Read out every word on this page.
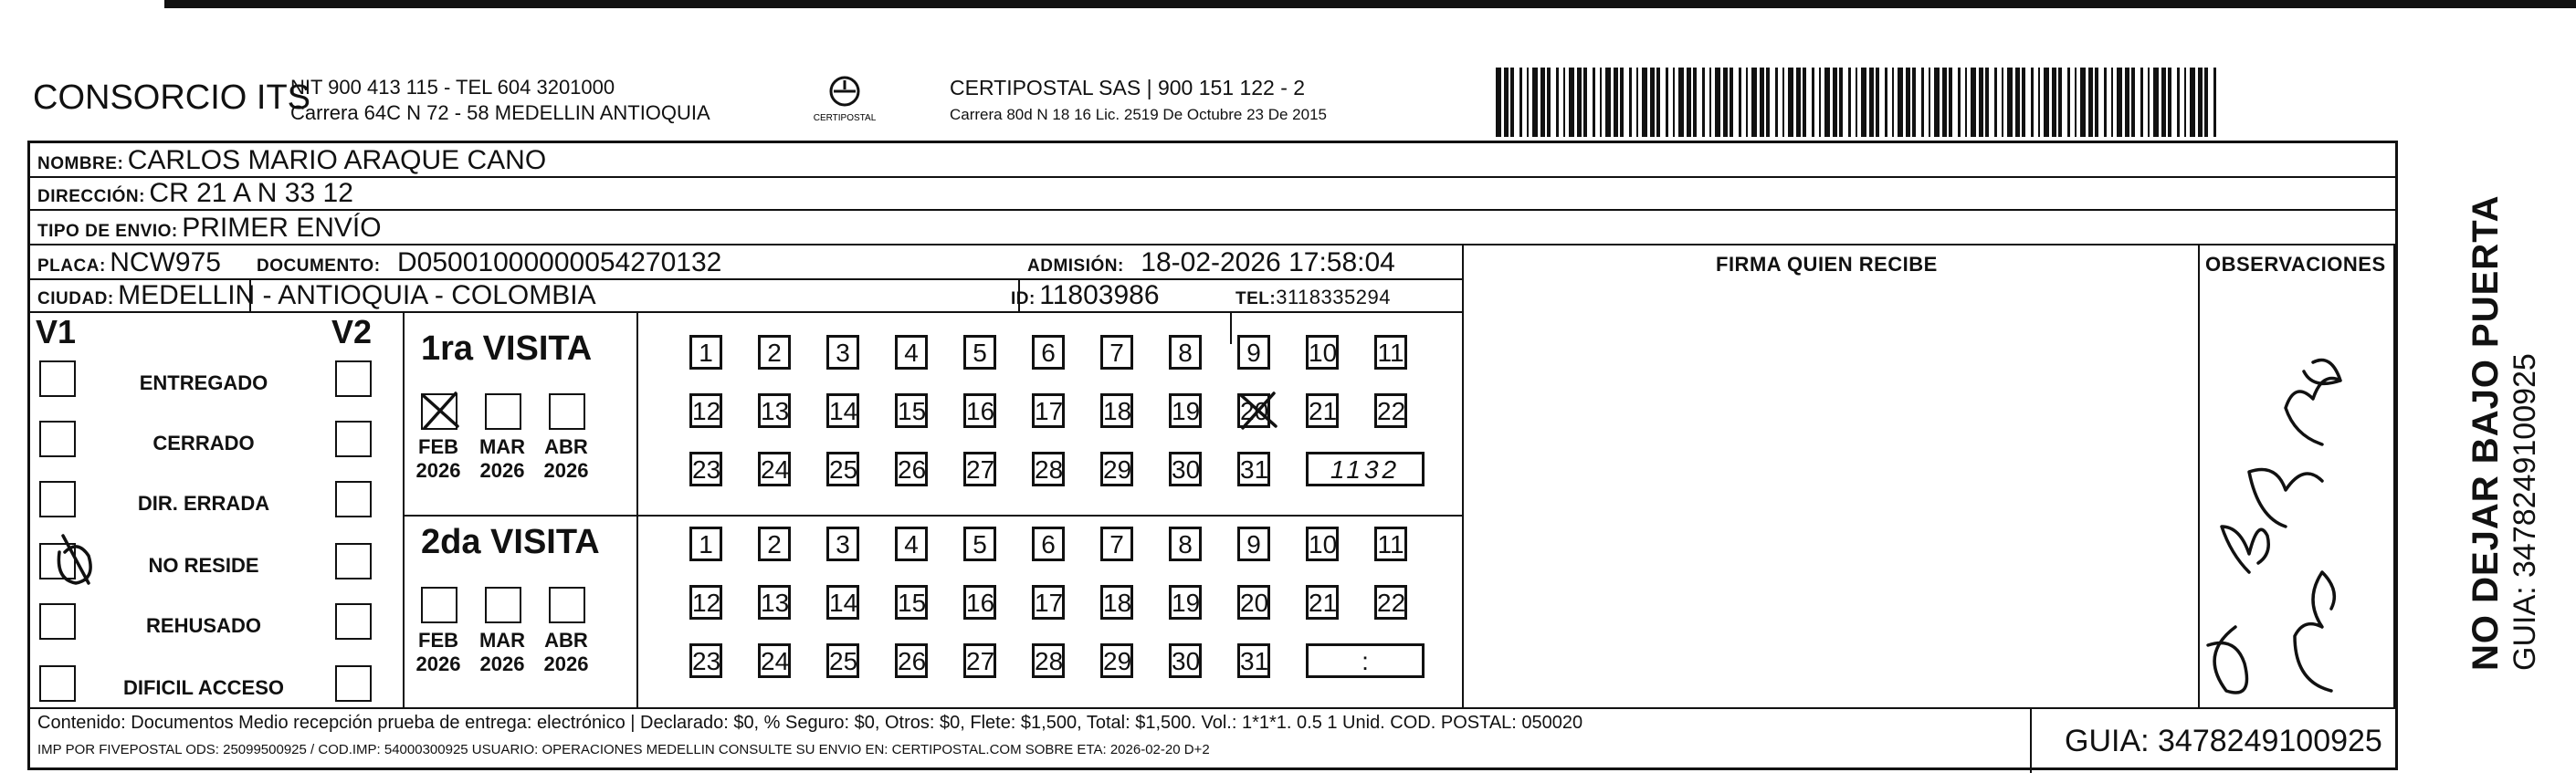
CONSORCIO ITS
NIT 900 413 115 - TEL 604 3201000
Carrera 64C N 72 - 58 MEDELLIN ANTIOQUIA	CERTIPOSTAL
CERTIPOSTAL SAS | 900 151 122 - 2
Carrera 80d N 18 16 Lic. 2519 De Octubre 23 De 2015
NOMBRE: CARLOS MARIO ARAQUE CANO
DIRECCIÓN: CR 21 A N 33 12
TIPO DE ENVIO: PRIMER ENVÍO
PLACA: NCW975 DOCUMENTO: D05001000000054270132	ADMISIÓN: 18-02-2026 17:58:04
CIUDAD: MEDELLIN - ANTIOQUIA - COLOMBIA	ID: 11803986	TEL:3118335294
FIRMA QUIEN RECIBE	OBSERVACIONES
V1	V2
ENTREGADO
CERRADO
DIR. ERRADA
NO RESIDE
REHUSADO
DIFICIL ACCESO
1ra VISITA
2da VISITA
FEB
2026
MAR
2026
ABR
2026
FEB
2026
MAR
2026
ABR
2026
1	2	3	4	5	6	7	8	9	10 11
12 13 14 15 16 17 18 19 20 21 22
23 24 25 26 27 28 29 30 31	1132
1	2	3	4	5	6	7	8	9	10 11
12 13 14 15 16 17 18 19 20 21 22
23 24 25 26 27 28 29 30 31	:
Contenido: Documentos Medio recepción prueba de entrega: electrónico | Declarado: $0, % Seguro: $0, Otros: $0, Flete: $1,500, Total: $1,500. Vol.: 1*1*1. 0.5 1 Unid. COD. POSTAL: 050020
IMP POR FIVEPOSTAL ODS: 25099500925 / COD.IMP: 54000300925 USUARIO: OPERACIONES MEDELLIN CONSULTE SU ENVIO EN: CERTIPOSTAL.COM SOBRE ETA: 2026-02-20 D+2	GUIA: 3478249100925
NO DEJAR BAJO PUERTA GUIA: 3478249100925
